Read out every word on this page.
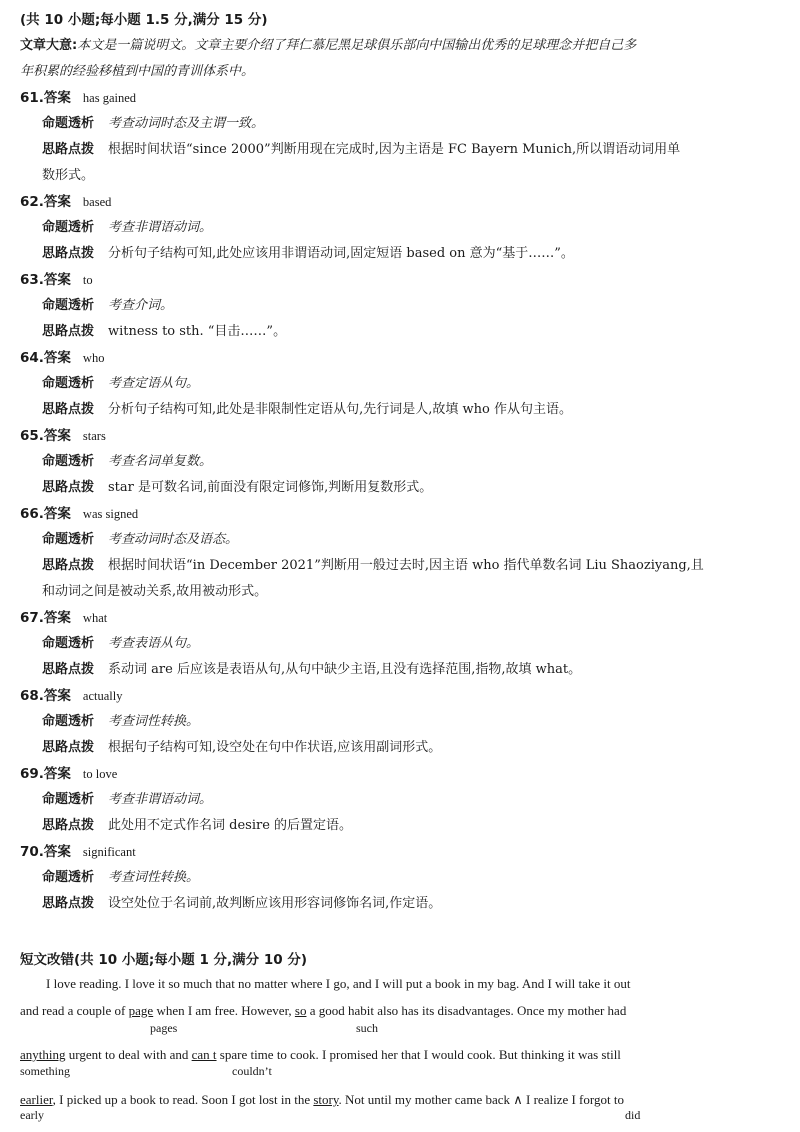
(共 10 小题;每小题 1.5 分,满分 15 分)
文章大意:本文是一篇说明文。文章主要介绍了拜仁慕尼黑足球俱乐部向中国输出优秀的足球理念并把自己多
年积累的经验移植到中国的青训体系中。
61.答案 has gained
命题透析 考查动词时态及主谓一致。
思路点拨 根据时间状语“since 2000”判断用现在完成时,因为主语是 FC Bayern Munich,所以谓语动词用单
数形式。
62.答案 based
命题透析 考查非谓语动词。
思路点拨 分析句子结构可知,此处应该用非谓语动词,固定短语 based on 意为“基于……”。
63.答案 to
命题透析 考查介词。
思路点拨 witness to sth. “目击……”。
64.答案 who
命题透析 考查定语从句。
思路点拨 分析句子结构可知,此处是非限制性定语从句,先行词是人,故填 who 作从句主语。
65.答案 stars
命题透析 考查名词单复数。
思路点拨 star 是可数名词,前面没有限定词修饰,判断用复数形式。
66.答案 was signed
命题透析 考查动词时态及语态。
思路点拨 根据时间状语“in December 2021”判断用一般过去时,因主语 who 指代单数名词 Liu Shaoziyang,且
和动词之间是被动关系,故用被动形式。
67.答案 what
命题透析 考查表语从句。
思路点拨 系动词 are 后应该是表语从句,从句中缺少主语,且没有选择范围,指物,故填 what。
68.答案 actually
命题透析 考查词性转换。
思路点拨 根据句子结构可知,设空处在句中作状语,应该用副词形式。
69.答案 to love
命题透析 考查非谓语动词。
思路点拨 此处用不定式作名词 desire 的后置定语。
70.答案 significant
命题透析 考查词性转换。
思路点拨 设空处位于名词前,故判断应该用形容词修饰名词,作定语。
短文改错(共 10 小题;每小题 1 分,满分 10 分)
I love reading. I love it so much that no matter where I go, and I will put a book in my bag. And I will take it out
and read a couple of page when I am free. However, so a good habit also has its disadvantages. Once my mother had
pages	such
anything urgent to deal with and can t spare time to cook. I promised her that I would cook. But thinking it was still
something	couldn’t
earlier, I picked up a book to read. Soon I got lost in the story. Not until my mother came back ∧ I realize I forgot to
early	did
